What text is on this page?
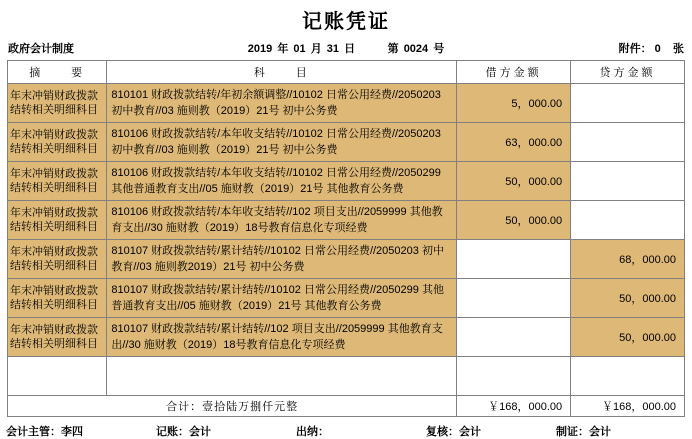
记账凭证
政府会计制度	2019 年 01 月 31 日	第 0024 号	附件： 0 张
摘　　要	科　　目	借方金额	贷方金额
年末冲销财政拨款结转相关明细科目	810101 财政拨款结转/年初余额调整//10102 日常公用经费//2050203 初中教育//03 施则教（2019）21号 初中公务费	5，000.00	
年末冲销财政拨款结转相关明细科目	810106 财政拨款结转/本年收支结转//10102 日常公用经费//2050203 初中教育//03 施则教（2019）21号 初中公务费	63，000.00	
年末冲销财政拨款结转相关明细科目	810106 财政拨款结转/本年收支结转//10102 日常公用经费//2050299 其他普通教育支出//05 施财教（2019）21号 其他教育公务费	50，000.00	
年末冲销财政拨款结转相关明细科目	810106 财政拨款结转/本年收支结转//102 项目支出//2059999 其他教育支出//30 施财教（2019）18号教育信息化专项经费	50，000.00	
年末冲销财政拨款结转相关明细科目	810107 财政拨款结转/累计结转//10102 日常公用经费//2050203 初中教育//03 施则教2019）21号 初中公务费		68，000.00
年末冲销财政拨款结转相关明细科目	810107 财政拨款结转/累计结转//10102 日常公用经费//2050299 其他普通教育支出//05 施财教（2019）21号 其他教育公务费		50，000.00
年末冲销财政拨款结转相关明细科目	810107 财政拨款结转/累计结转//102 项目支出//2059999 其他教育支出//30 施财教（2019）18号教育信息化专项经费		50，000.00

合计：壹拾陆万捌仟元整		￥168，000.00	￥168，000.00
会计主管：李四	记账：会计	出纳：	复核：会计	制证：会计
